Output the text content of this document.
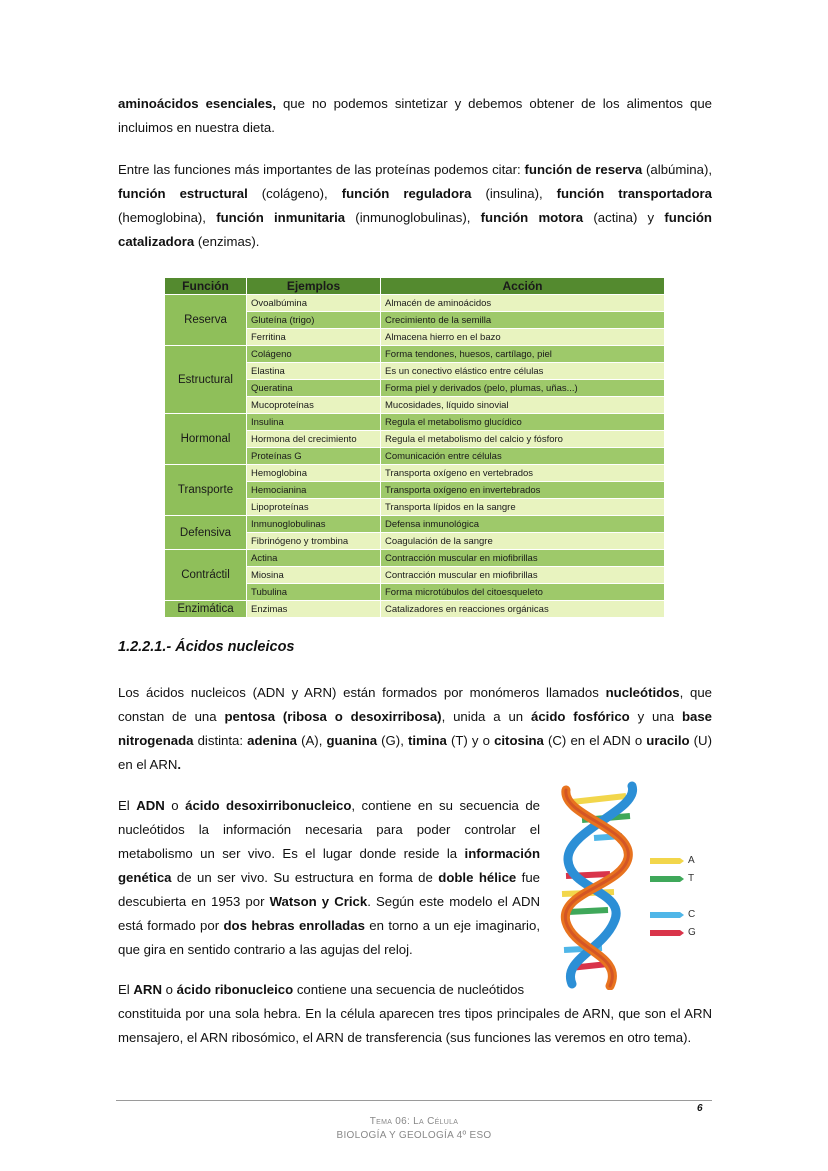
aminoácidos esenciales, que no podemos sintetizar y debemos obtener de los alimentos que incluimos en nuestra dieta.

Entre las funciones más importantes de las proteínas podemos citar: función de reserva (albúmina), función estructural (colágeno), función reguladora (insulina), función transportadora (hemoglobina), función inmunitaria (inmunoglobulinas), función motora (actina) y función catalizadora (enzimas).

Función	Ejemplos	Acción
Reserva	Ovoalbúmina	Almacén de aminoácidos
	Gluteína (trigo)	Crecimiento de la semilla
	Ferritina	Almacena hierro en el bazo
Estructural	Colágeno	Forma tendones, huesos, cartílago, piel
	Elastina	Es un conectivo elástico entre células
	Queratina	Forma piel y derivados (pelo, plumas, uñas...)
	Mucoproteínas	Mucosidades, líquido sinovial
Hormonal	Insulina	Regula el metabolismo glucídico
	Hormona del crecimiento	Regula el metabolismo del calcio y fósforo
	Proteínas G	Comunicación entre células
Transporte	Hemoglobina	Transporta oxígeno en vertebrados
	Hemocianina	Transporta oxígeno en invertebrados
	Lipoproteínas	Transporta lípidos en la sangre
Defensiva	Inmunoglobulinas	Defensa inmunológica
	Fibrinógeno y trombina	Coagulación de la sangre
Contráctil	Actina	Contracción muscular en miofibrillas
	Miosina	Contracción muscular en miofibrillas
	Tubulina	Forma microtúbulos del citoesqueleto
Enzimática	Enzimas	Catalizadores en reacciones orgánicas
1.2.2.1.- Ácidos nucleicos

Los ácidos nucleicos (ADN y ARN) están formados por monómeros llamados nucleótidos, que constan de una pentosa (ribosa o desoxirribosa), unida a un ácido fosfórico y una base nitrogenada distinta: adenina (A), guanina (G), timina (T) y o citosina (C) en el ADN o uracilo (U) en el ARN.

El ADN o ácido desoxirribonucleico, contiene en su secuencia de nucleótidos la información necesaria para poder controlar el metabolismo un ser vivo. Es el lugar donde reside la información genética de un ser vivo. Su estructura en forma de doble hélice fue descubierta en 1953 por Watson y Crick. Según este modelo el ADN está formado por dos hebras enrolladas en torno a un eje imaginario, que gira en sentido contrario a las agujas del reloj.

El ARN o ácido ribonucleico contiene una secuencia de nucleótidos

constituida por una sola hebra. En la célula aparecen tres tipos principales de ARN, que son el ARN mensajero, el ARN ribosómico, el ARN de transferencia (sus funciones las veremos en otro tema).

A
T
C
G
6
Tema 06: La Célula
BIOLOGÍA Y GEOLOGÍA 4º ESO
